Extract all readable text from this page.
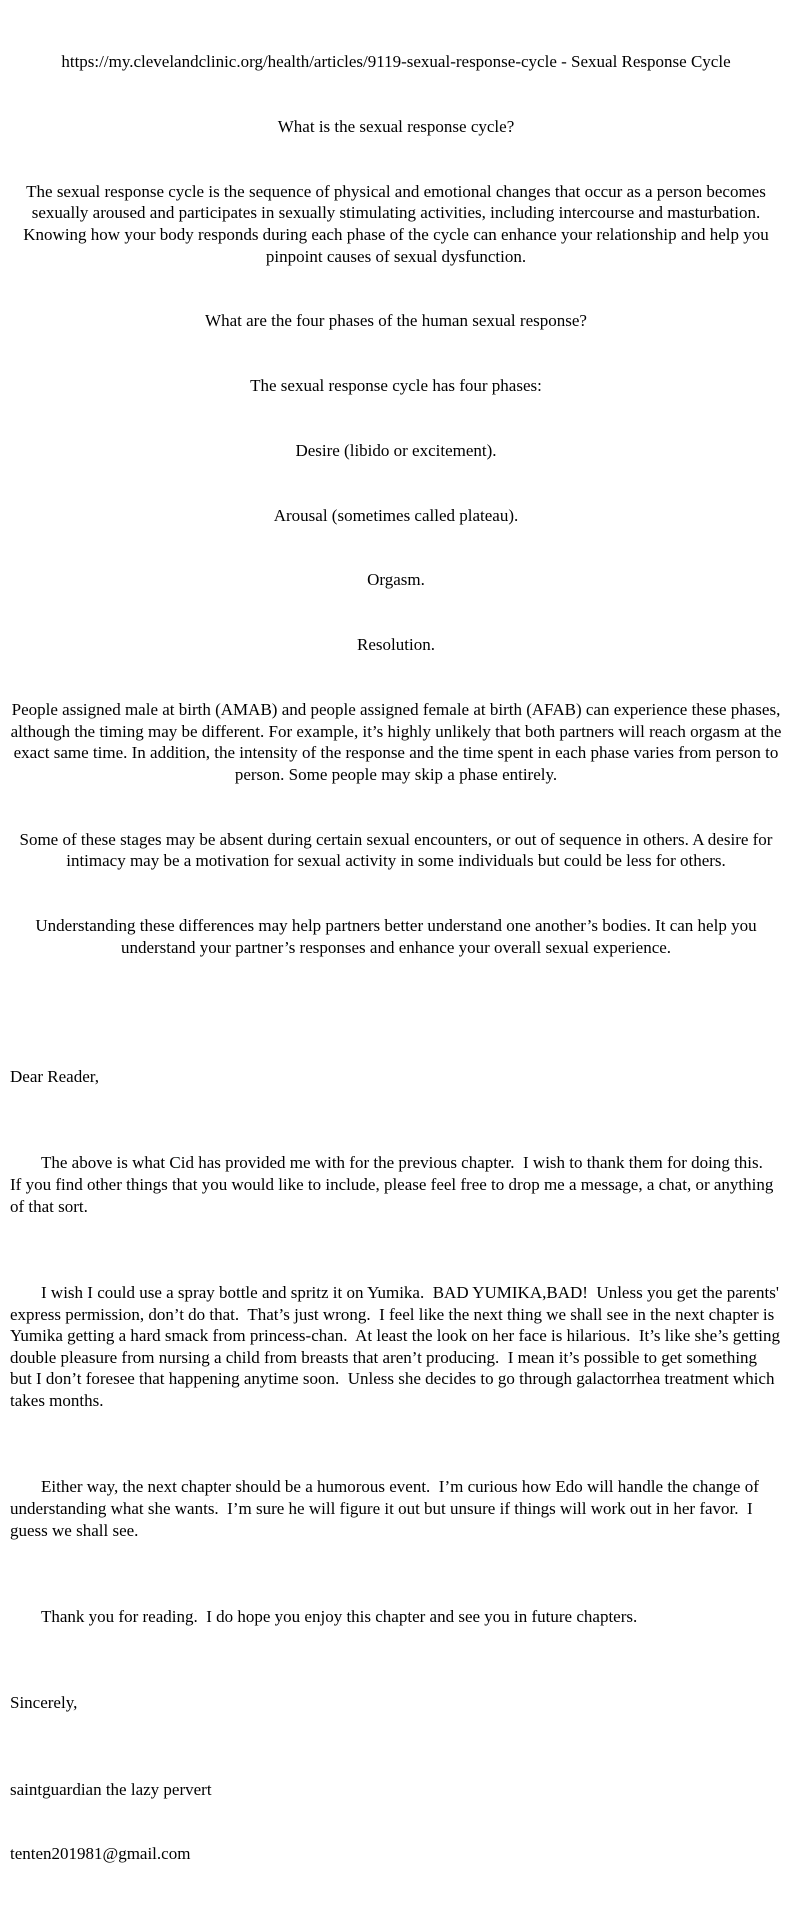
https://my.clevelandclinic.org/health/articles/9119-sexual-response-cycle - Sexual Response Cycle

What is the sexual response cycle?

The sexual response cycle is the sequence of physical and emotional changes that occur as a person becomes sexually aroused and participates in sexually stimulating activities, including intercourse and masturbation. Knowing how your body responds during each phase of the cycle can enhance your relationship and help you pinpoint causes of sexual dysfunction.

What are the four phases of the human sexual response?

The sexual response cycle has four phases:

Desire (libido or excitement).

Arousal (sometimes called plateau).

Orgasm.

Resolution.

People assigned male at birth (AMAB) and people assigned female at birth (AFAB) can experience these phases, although the timing may be different. For example, it’s highly unlikely that both partners will reach orgasm at the exact same time. In addition, the intensity of the response and the time spent in each phase varies from person to person. Some people may skip a phase entirely.

Some of these stages may be absent during certain sexual encounters, or out of sequence in others. A desire for intimacy may be a motivation for sexual activity in some individuals but could be less for others.

Understanding these differences may help partners better understand one another’s bodies. It can help you understand your partner’s responses and enhance your overall sexual experience.

Dear Reader,

The above is what Cid has provided me with for the previous chapter.  I wish to thank them for doing this.  If you find other things that you would like to include, please feel free to drop me a message, a chat, or anything of that sort.

I wish I could use a spray bottle and spritz it on Yumika.  BAD YUMIKA,BAD!  Unless you get the parents' express permission, don’t do that.  That’s just wrong.  I feel like the next thing we shall see in the next chapter is Yumika getting a hard smack from princess-chan.  At least the look on her face is hilarious.  It’s like she’s getting double pleasure from nursing a child from breasts that aren’t producing.  I mean it’s possible to get something but I don’t foresee that happening anytime soon.  Unless she decides to go through galactorrhea treatment which takes months.

Either way, the next chapter should be a humorous event.  I’m curious how Edo will handle the change of understanding what she wants.  I’m sure he will figure it out but unsure if things will work out in her favor.  I guess we shall see.

Thank you for reading.  I do hope you enjoy this chapter and see you in future chapters.

Sincerely,

saintguardian the lazy pervert

tenten201981@gmail.com
